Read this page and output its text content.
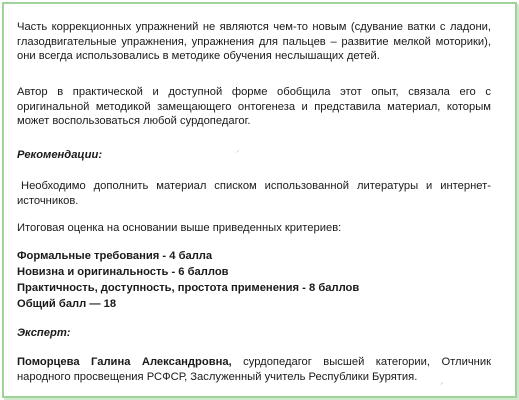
Часть коррекционных упражнений не являются чем-то новым (сдувание ватки с ладони, глазодвигательные упражнения, упражнения для пальцев – развитие мелкой моторики), они всегда использовались в методике обучения неслышащих детей.

Автор в практической и доступной форме обобщила этот опыт, связала его с оригинальной методикой замещающего онтогенеза и представила материал, которым может воспользоваться любой сурдопедагог.

Рекомендации:

Необходимо дополнить материал списком использованной литературы и интернет-источников.

Итоговая оценка на основании выше приведенных критериев:

Формальные требования - 4 балла

Новизна и оригинальность - 6 баллов

Практичность, доступность, простота применения - 8 баллов

Общий балл — 18

Эксперт:

Поморцева Галина Александровна, сурдопедагог высшей категории, Отличник народного просвещения РСФСР, Заслуженный учитель Республики Бурятия.

⸝
⸝
